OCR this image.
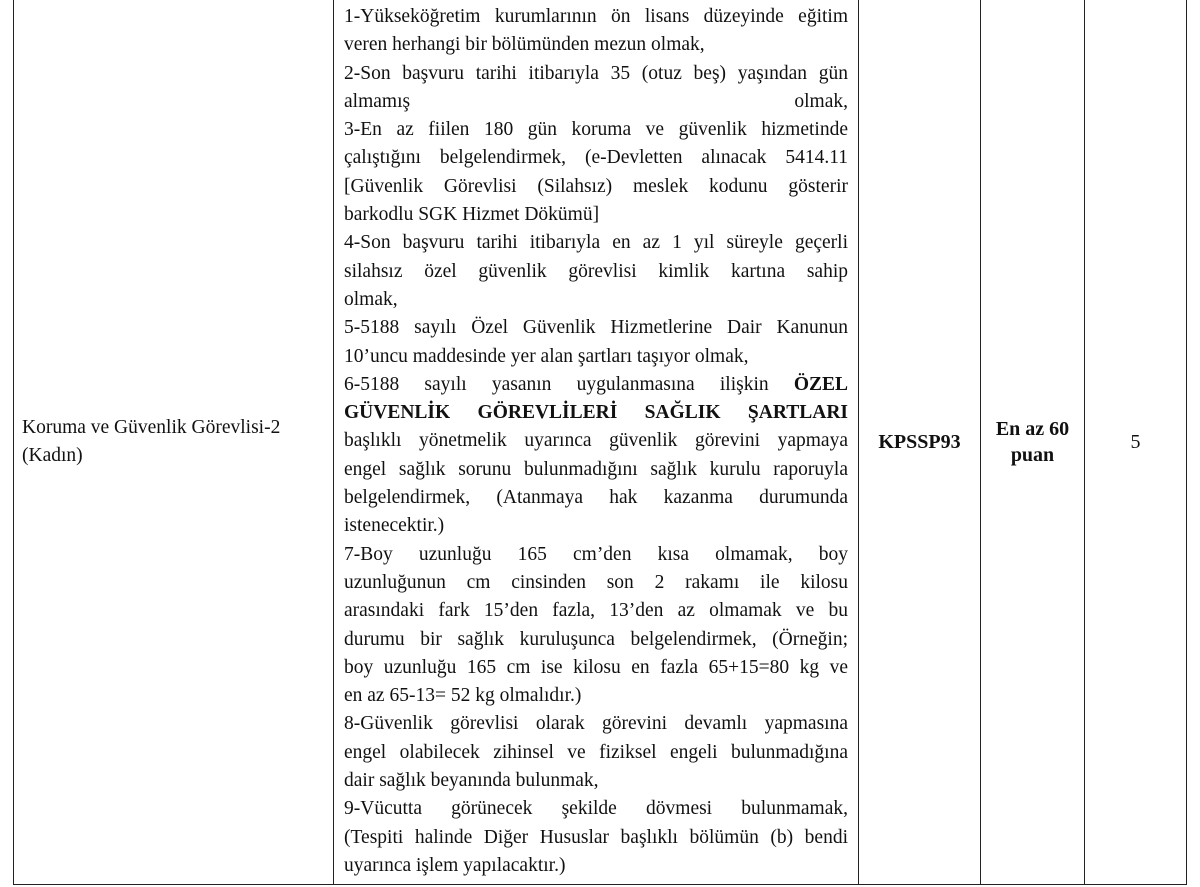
Koruma ve Güvenlik Görevlisi-2
(Kadın)
1-Yükseköğretim kurumlarının ön lisans düzeyinde eğitim
veren herhangi bir bölümünden mezun olmak,
2-Son başvuru tarihi itibarıyla 35 (otuz beş) yaşından gün
almamış olmak,
3-En az fiilen 180 gün koruma ve güvenlik hizmetinde
çalıştığını belgelendirmek, (e-Devletten alınacak 5414.11
[Güvenlik Görevlisi (Silahsız) meslek kodunu gösterir
barkodlu SGK Hizmet Dökümü]
4-Son başvuru tarihi itibarıyla en az 1 yıl süreyle geçerli
silahsız özel güvenlik görevlisi kimlik kartına sahip
olmak,
5-5188 sayılı Özel Güvenlik Hizmetlerine Dair Kanunun
10’uncu maddesinde yer alan şartları taşıyor olmak,
6-5188 sayılı yasanın uygulanmasına ilişkin ÖZEL
GÜVENLİK GÖREVLİLERİ SAĞLIK ŞARTLARI
başlıklı yönetmelik uyarınca güvenlik görevini yapmaya
engel sağlık sorunu bulunmadığını sağlık kurulu raporuyla
belgelendirmek, (Atanmaya hak kazanma durumunda
istenecektir.)
7-Boy uzunluğu 165 cm’den kısa olmamak, boy
uzunluğunun cm cinsinden son 2 rakamı ile kilosu
arasındaki fark 15’den fazla, 13’den az olmamak ve bu
durumu bir sağlık kuruluşunca belgelendirmek, (Örneğin;
boy uzunluğu 165 cm ise kilosu en fazla 65+15=80 kg ve
en az 65-13= 52 kg olmalıdır.)
8-Güvenlik görevlisi olarak görevini devamlı yapmasına
engel olabilecek zihinsel ve fiziksel engeli bulunmadığına
dair sağlık beyanında bulunmak,
9-Vücutta görünecek şekilde dövmesi bulunmamak,
(Tespiti halinde Diğer Hususlar başlıklı bölümün (b) bendi
uyarınca işlem yapılacaktır.)
KPSSP93
En az 60
puan
5
